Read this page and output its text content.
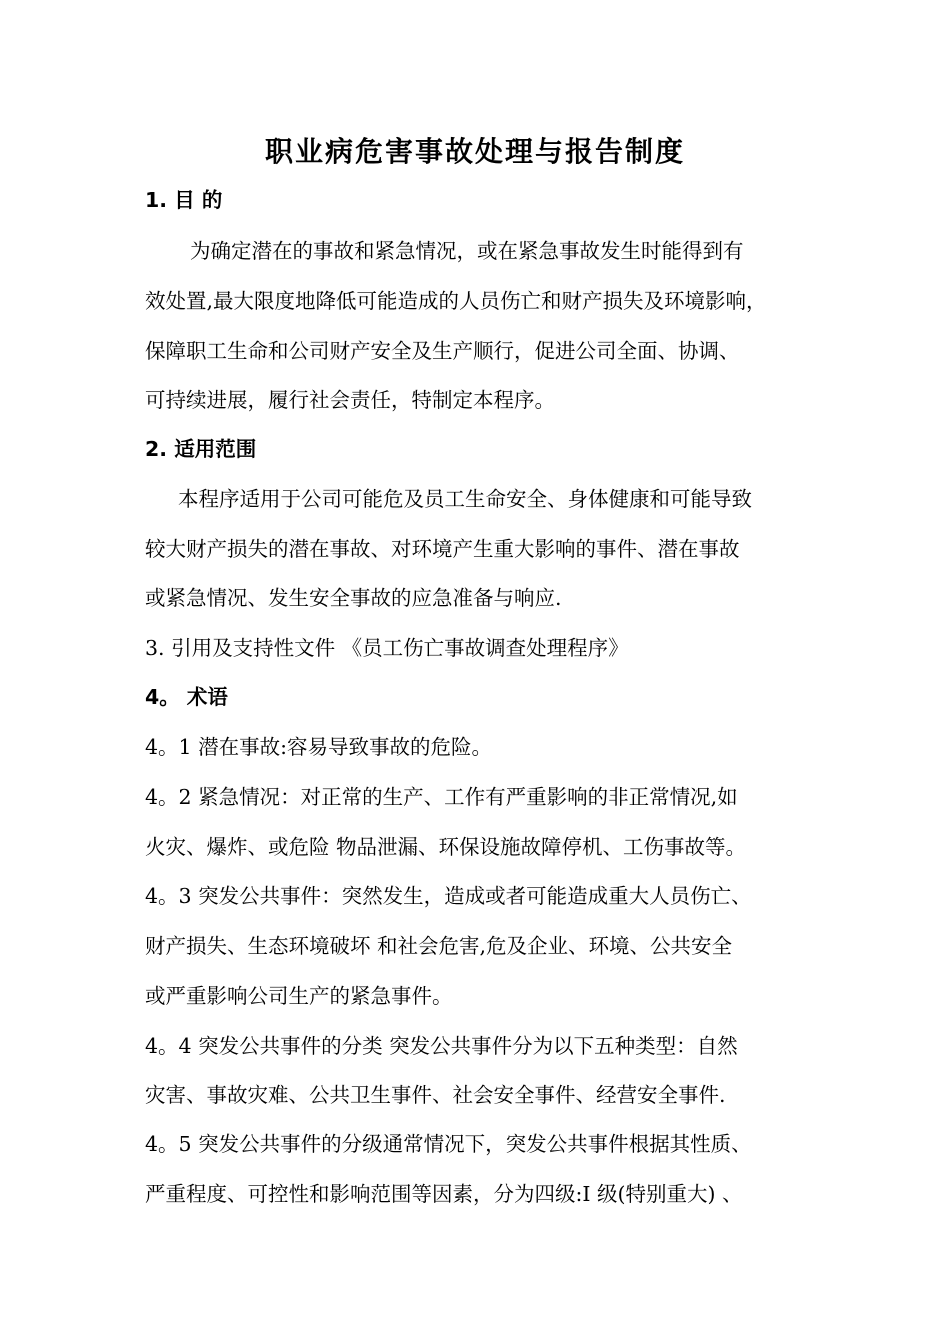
职业病危害事故处理与报告制度
1. 目 的
为确定潜在的事故和紧急情况，或在紧急事故发生时能得到有
效处置,最大限度地降低可能造成的人员伤亡和财产损失及环境影响，
保障职工生命和公司财产安全及生产顺行，促进公司全面、协调、
可持续进展，履行社会责任，特制定本程序。
2. 适用范围
本程序适用于公司可能危及员工生命安全、身体健康和可能导致
较大财产损失的潜在事故、对环境产生重大影响的事件、潜在事故
或紧急情况、发生安全事故的应急准备与响应.
3. 引用及支持性文件 《员工伤亡事故调查处理程序》
4。 术语
4。1 潜在事故:容易导致事故的危险。
4。2 紧急情况：对正常的生产、工作有严重影响的非正常情况,如
火灾、爆炸、或危险 物品泄漏、环保设施故障停机、工伤事故等。
4。3 突发公共事件：突然发生，造成或者可能造成重大人员伤亡、
财产损失、生态环境破坏 和社会危害,危及企业、环境、公共安全
或严重影响公司生产的紧急事件。
4。4 突发公共事件的分类 突发公共事件分为以下五种类型：自然
灾害、事故灾难、公共卫生事件、社会安全事件、经营安全事件.
4。5 突发公共事件的分级通常情况下，突发公共事件根据其性质、
严重程度、可控性和影响范围等因素，分为四级:Ⅰ 级(特别重大) 、
